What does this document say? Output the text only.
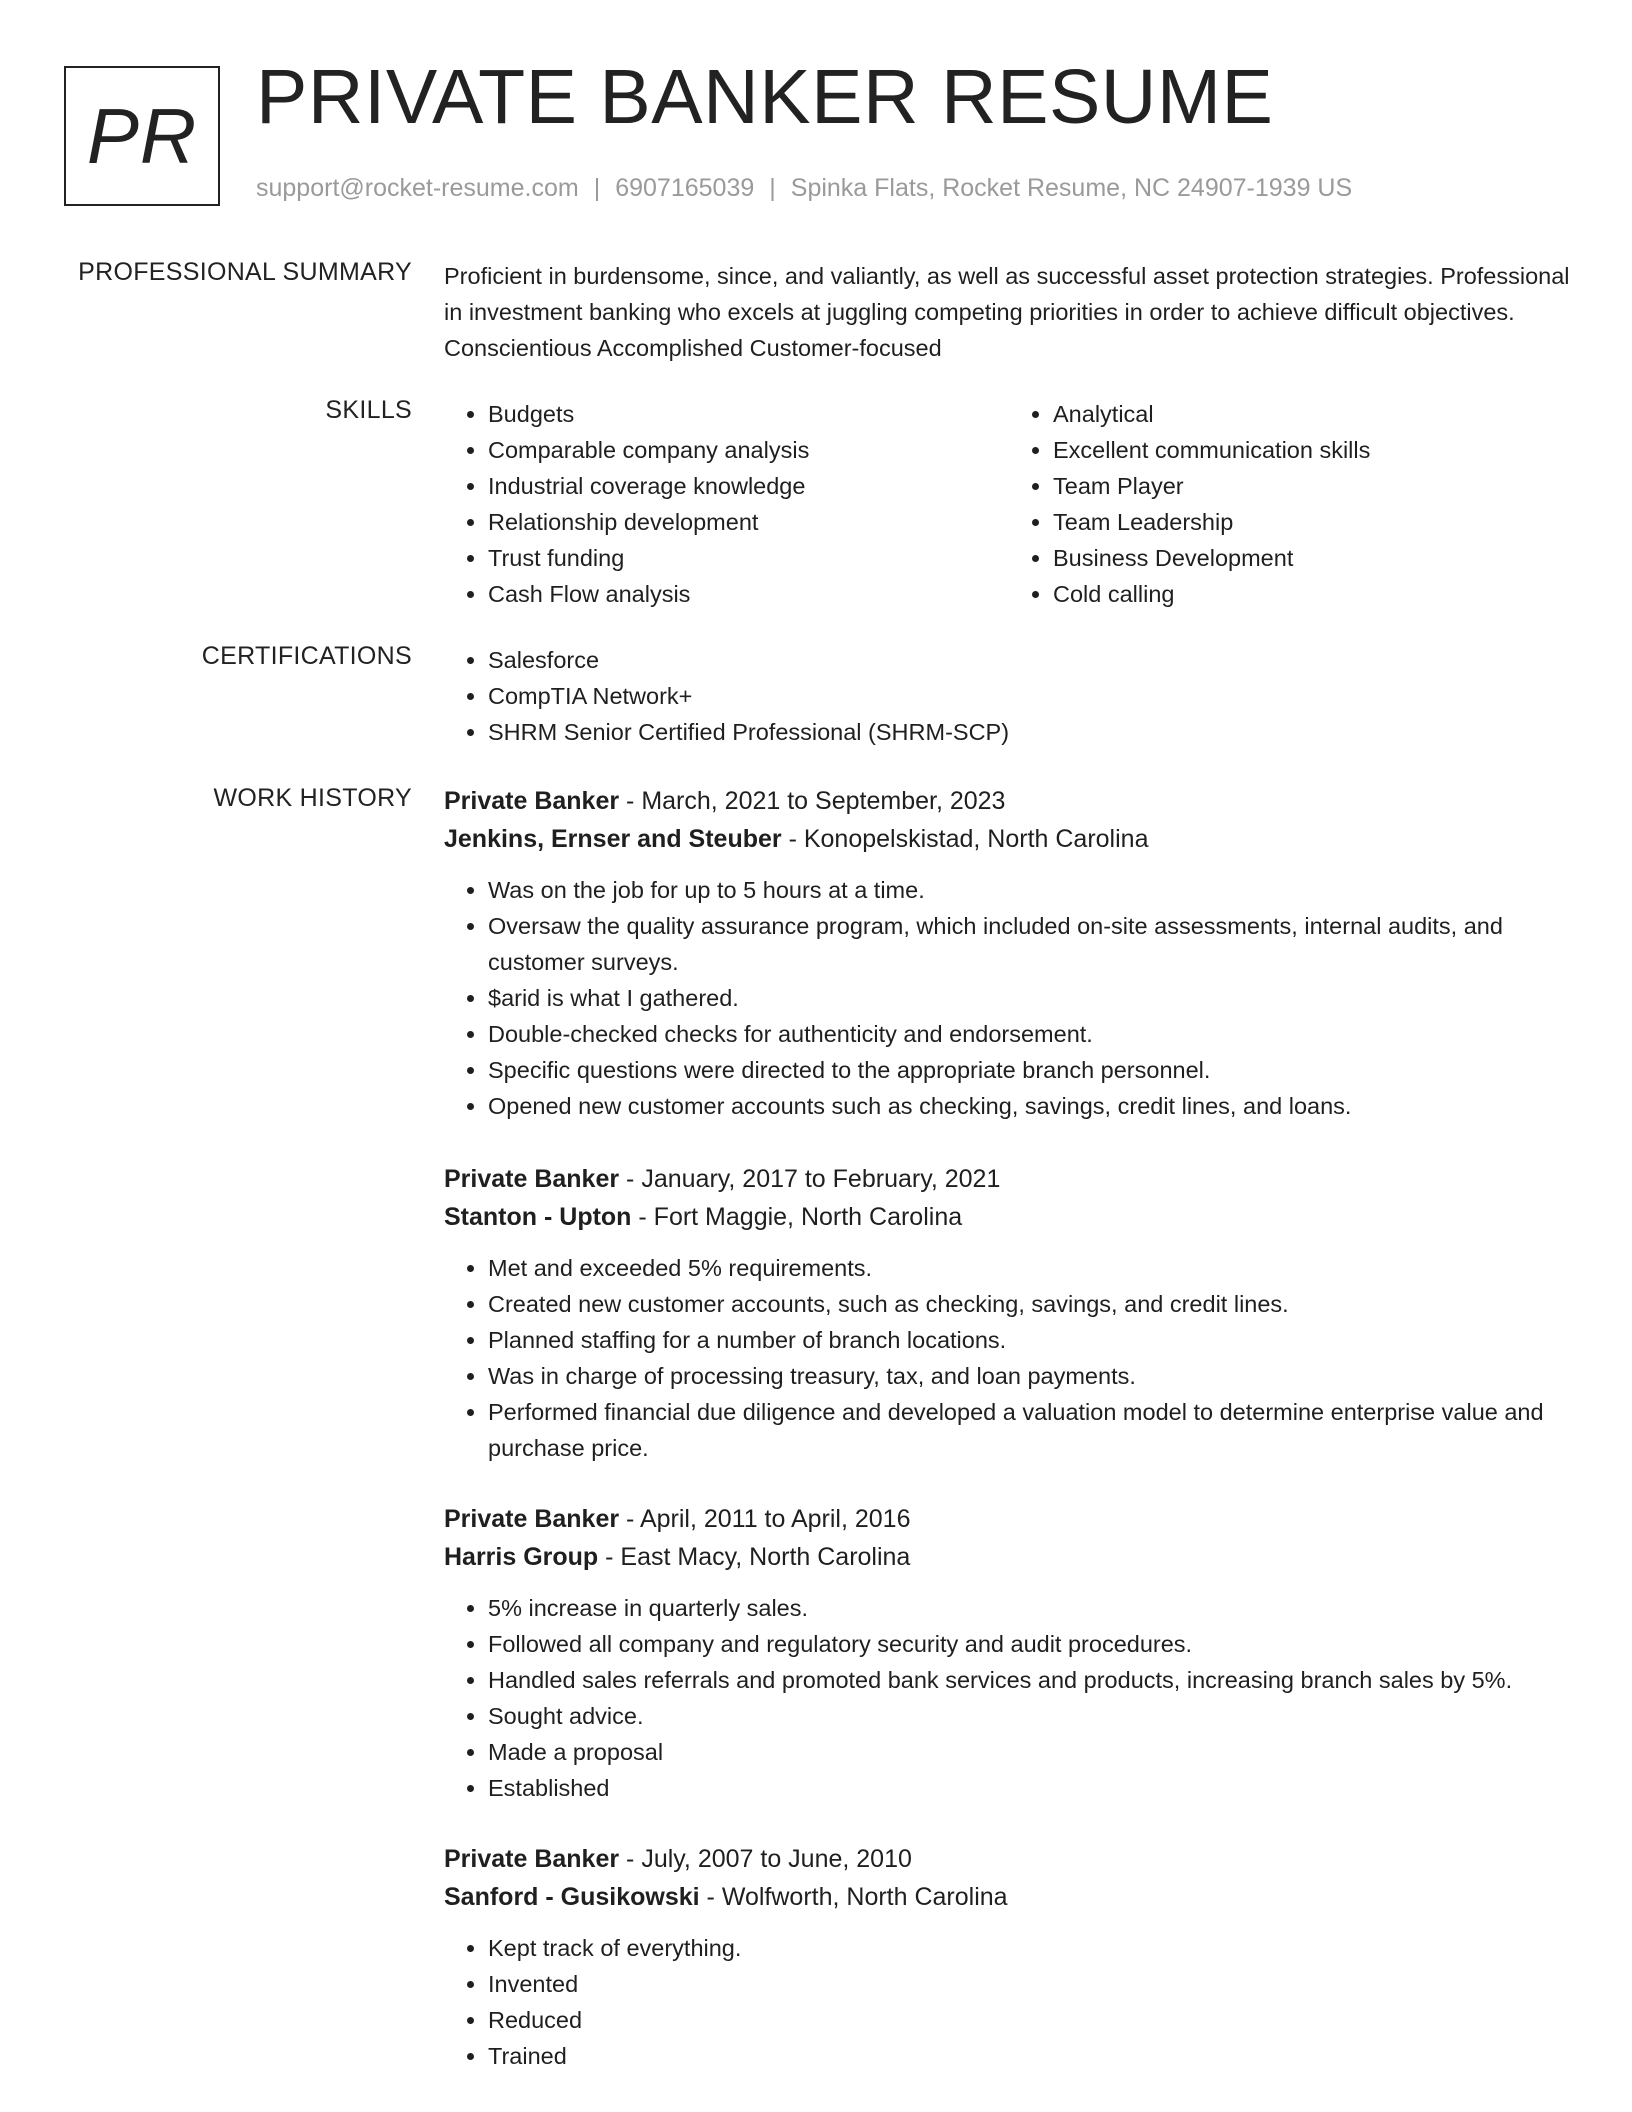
PR PRIVATE BANKER RESUME
support@rocket-resume.com | 6907165039 | Spinka Flats, Rocket Resume, NC 24907-1939 US
PROFESSIONAL SUMMARY Proficient in burdensome, since, and valiantly, as well as successful asset protection strategies. Professional in investment banking who excels at juggling competing priorities in order to achieve difficult objectives. Conscientious Accomplished Customer-focused
SKILLS	• Budgets
• Comparable company analysis
• Industrial coverage knowledge
• Relationship development
• Trust funding
• Cash Flow analysis
• Analytical
• Excellent communication skills
• Team Player
• Team Leadership
• Business Development
• Cold calling
CERTIFICATIONS	• Salesforce
• CompTIA Network+
• SHRM Senior Certified Professional (SHRM-SCP)
WORK HISTORY Private Banker - March, 2021 to September, 2023
Jenkins, Ernser and Steuber - Konopelskistad, North Carolina
• Was on the job for up to 5 hours at a time.
• Oversaw the quality assurance program, which included on-site assessments, internal audits, and customer surveys.
• $arid is what I gathered.
• Double-checked checks for authenticity and endorsement.
• Specific questions were directed to the appropriate branch personnel.
• Opened new customer accounts such as checking, savings, credit lines, and loans.
Private Banker - January, 2017 to February, 2021
Stanton - Upton - Fort Maggie, North Carolina
• Met and exceeded 5% requirements.
• Created new customer accounts, such as checking, savings, and credit lines.
• Planned staffing for a number of branch locations.
• Was in charge of processing treasury, tax, and loan payments.
• Performed financial due diligence and developed a valuation model to determine enterprise value and purchase price.
Private Banker - April, 2011 to April, 2016
Harris Group - East Macy, North Carolina
• 5% increase in quarterly sales.
• Followed all company and regulatory security and audit procedures.
• Handled sales referrals and promoted bank services and products, increasing branch sales by 5%.
• Sought advice.
• Made a proposal
• Established
Private Banker - July, 2007 to June, 2010
Sanford - Gusikowski - Wolfworth, North Carolina
• Kept track of everything.
• Invented
• Reduced
• Trained
